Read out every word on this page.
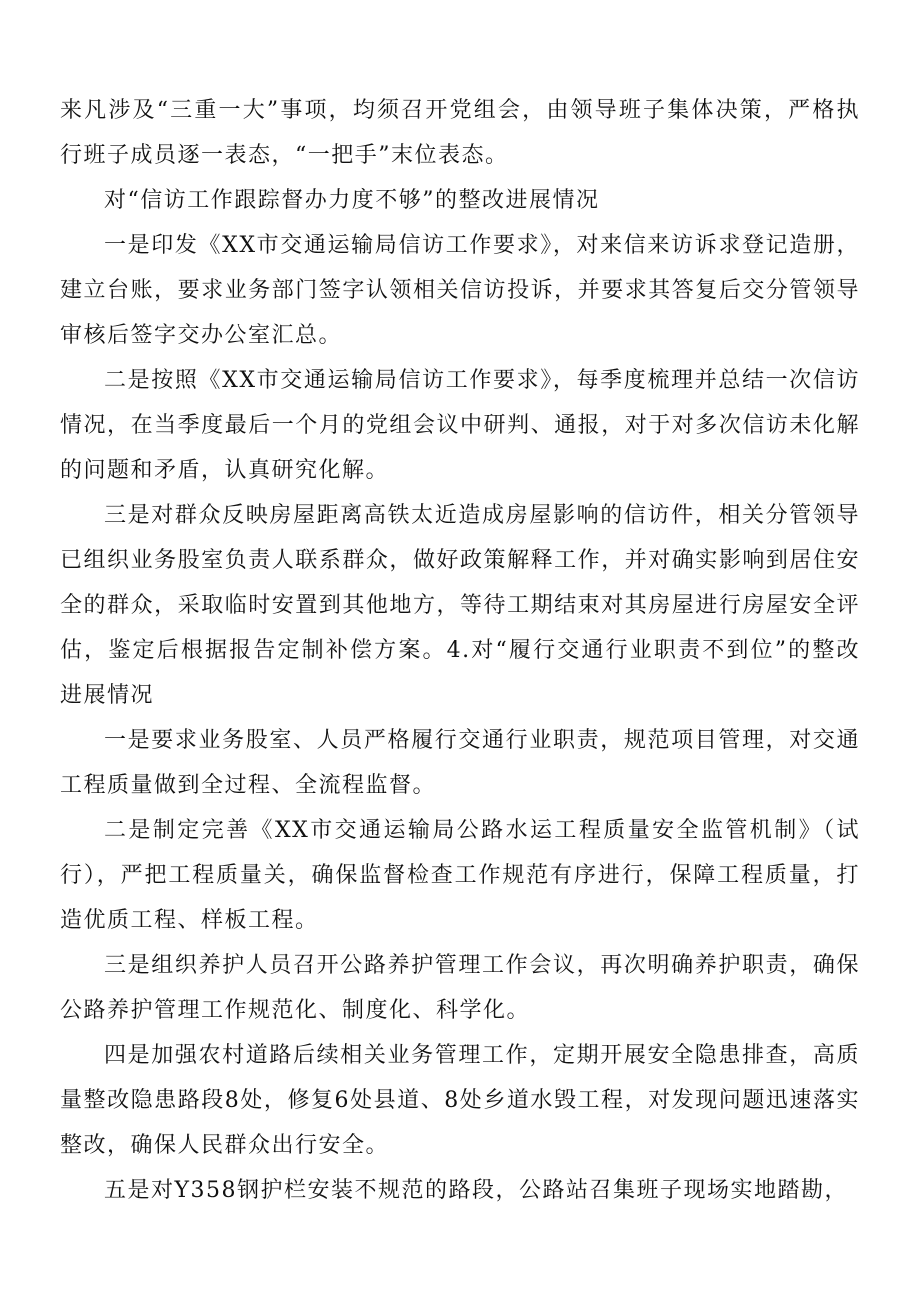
来凡涉及“三重一大”事项，均须召开党组会，由领导班子集体决策，严格执行班子成员逐一表态，“一把手”末位表态。

对“信访工作跟踪督办力度不够”的整改进展情况

一是印发《XX市交通运输局信访工作要求》，对来信来访诉求登记造册，建立台账，要求业务部门签字认领相关信访投诉，并要求其答复后交分管领导审核后签字交办公室汇总。

二是按照《XX市交通运输局信访工作要求》，每季度梳理并总结一次信访情况，在当季度最后一个月的党组会议中研判、通报，对于对多次信访未化解的问题和矛盾，认真研究化解。

三是对群众反映房屋距离高铁太近造成房屋影响的信访件，相关分管领导已组织业务股室负责人联系群众，做好政策解释工作，并对确实影响到居住安全的群众，采取临时安置到其他地方，等待工期结束对其房屋进行房屋安全评估，鉴定后根据报告定制补偿方案。4.对“履行交通行业职责不到位”的整改进展情况

一是要求业务股室、人员严格履行交通行业职责，规范项目管理，对交通工程质量做到全过程、全流程监督。

二是制定完善《XX市交通运输局公路水运工程质量安全监管机制》（试行），严把工程质量关，确保监督检查工作规范有序进行，保障工程质量，打造优质工程、样板工程。

三是组织养护人员召开公路养护管理工作会议，再次明确养护职责，确保公路养护管理工作规范化、制度化、科学化。

四是加强农村道路后续相关业务管理工作，定期开展安全隐患排查，高质量整改隐患路段8处，修复6处县道、8处乡道水毁工程，对发现问题迅速落实整改，确保人民群众出行安全。

五是对Y358钢护栏安装不规范的路段，公路站召集班子现场实地踏勘，
